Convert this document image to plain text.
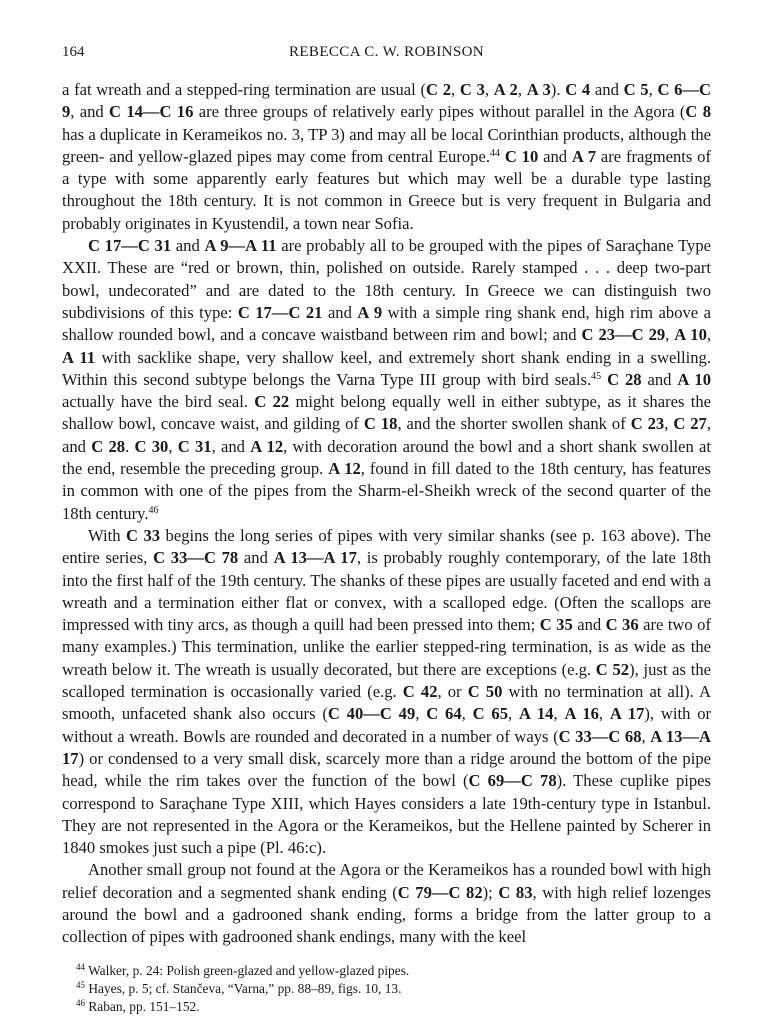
164	REBECCA C. W. ROBINSON

a fat wreath and a stepped-ring termination are usual (C 2, C 3, A 2, A 3). C 4 and C 5, C 6—C 9, and C 14—C 16 are three groups of relatively early pipes without parallel in the Agora (C 8 has a duplicate in Kerameikos no. 3, TP 3) and may all be local Corinthian products, although the green- and yellow-glazed pipes may come from central Europe.$^{44}$ C 10 and A 7 are fragments of a type with some apparently early features but which may well be a durable type lasting throughout the 18th century. It is not common in Greece but is very frequent in Bulgaria and probably originates in Kyustendil, a town near Sofia.

C 17—C 31 and A 9—A 11 are probably all to be grouped with the pipes of Saraçhane Type XXII. These are “red or brown, thin, polished on outside. Rarely stamped . . . deep two-part bowl, undecorated” and are dated to the 18th century. In Greece we can distinguish two subdivisions of this type: C 17—C 21 and A 9 with a simple ring shank end, high rim above a shallow rounded bowl, and a concave waistband between rim and bowl; and C 23—C 29, A 10, A 11 with sacklike shape, very shallow keel, and extremely short shank ending in a swelling. Within this second subtype belongs the Varna Type III group with bird seals.$^{45}$ C 28 and A 10 actually have the bird seal. C 22 might belong equally well in either subtype, as it shares the shallow bowl, concave waist, and gilding of C 18, and the shorter swollen shank of C 23, C 27, and C 28. C 30, C 31, and A 12, with decoration around the bowl and a short shank swollen at the end, resemble the preceding group. A 12, found in fill dated to the 18th century, has features in common with one of the pipes from the Sharm-el-Sheikh wreck of the second quarter of the 18th century.$^{46}$

With C 33 begins the long series of pipes with very similar shanks (see p. 163 above). The entire series, C 33—C 78 and A 13—A 17, is probably roughly contemporary, of the late 18th into the first half of the 19th century. The shanks of these pipes are usually faceted and end with a wreath and a termination either flat or convex, with a scalloped edge. (Often the scallops are impressed with tiny arcs, as though a quill had been pressed into them; C 35 and C 36 are two of many examples.) This termination, unlike the earlier stepped-ring termination, is as wide as the wreath below it. The wreath is usually decorated, but there are exceptions (e.g. C 52), just as the scalloped termination is occasionally varied (e.g. C 42, or C 50 with no termination at all). A smooth, unfaceted shank also occurs (C 40—C 49, C 64, C 65, A 14, A 16, A 17), with or without a wreath. Bowls are rounded and decorated in a number of ways (C 33—C 68, A 13—A 17) or condensed to a very small disk, scarcely more than a ridge around the bottom of the pipe head, while the rim takes over the function of the bowl (C 69—C 78). These cuplike pipes correspond to Saraçhane Type XIII, which Hayes considers a late 19th-century type in Istanbul. They are not represented in the Agora or the Kerameikos, but the Hellene painted by Scherer in 1840 smokes just such a pipe (Pl. 46:c).

Another small group not found at the Agora or the Kerameikos has a rounded bowl with high relief decoration and a segmented shank ending (C 79—C 82); C 83, with high relief lozenges around the bowl and a gadrooned shank ending, forms a bridge from the latter group to a collection of pipes with gadrooned shank endings, many with the keel

$^{44}$ Walker, p. 24: Polish green-glazed and yellow-glazed pipes.

$^{45}$ Hayes, p. 5; cf. Stančeva, “Varna,” pp. 88–89, figs. 10, 13.

$^{46}$ Raban, pp. 151–152.
